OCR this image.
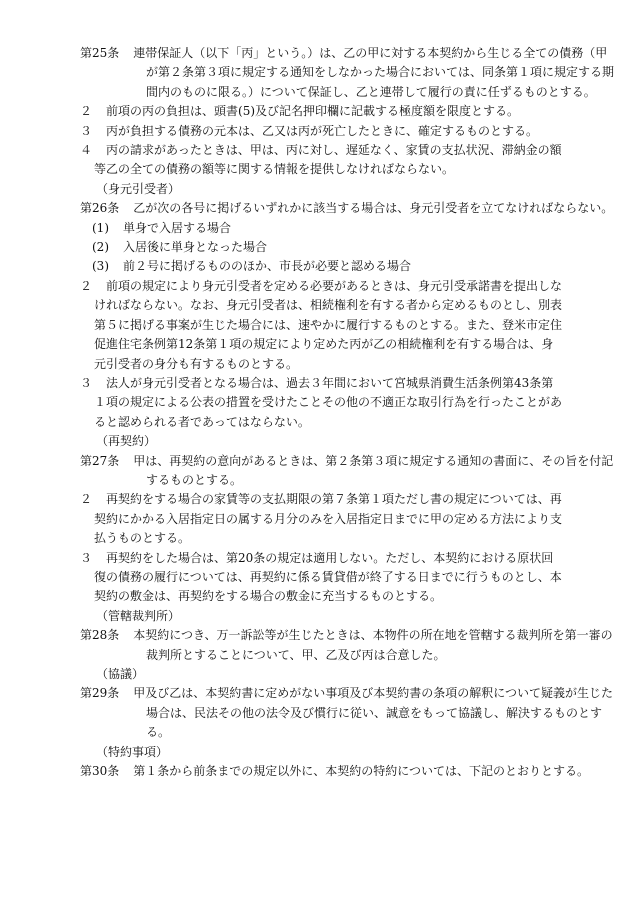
第25条 連帯保証人（以下「丙」という。）は、乙の甲に対する本契約から生じる全ての債務（甲が第２条第３項に規定する通知をしなかった場合においては、同条第１項に規定する期間内のものに限る。）について保証し、乙と連帯して履行の責に任ずるものとする。
２ 前項の丙の負担は、頭書(5)及び記名押印欄に記載する極度額を限度とする。
３ 丙が負担する債務の元本は、乙又は丙が死亡したときに、確定するものとする。
４ 丙の請求があったときは、甲は、丙に対し、遅延なく、家賃の支払状況、滞納金の額等乙の全ての債務の額等に関する情報を提供しなければならない。
（身元引受者）
第26条 乙が次の各号に掲げるいずれかに該当する場合は、身元引受者を立てなければならない。
(1) 単身で入居する場合
(2) 入居後に単身となった場合
(3) 前２号に掲げるもののほか、市長が必要と認める場合
２ 前項の規定により身元引受者を定める必要があるときは、身元引受承諾書を提出しなければならない。なお、身元引受者は、相続権利を有する者から定めるものとし、別表第５に掲げる事案が生じた場合には、速やかに履行するものとする。また、登米市定住促進住宅条例第12条第１項の規定により定めた丙が乙の相続権利を有する場合は、身元引受者の身分も有するものとする。
３ 法人が身元引受者となる場合は、過去３年間において宮城県消費生活条例第43条第１項の規定による公表の措置を受けたことその他の不適正な取引行為を行ったことがあると認められる者であってはならない。
（再契約）
第27条 甲は、再契約の意向があるときは、第２条第３項に規定する通知の書面に、その旨を付記するものとする。
２ 再契約をする場合の家賃等の支払期限の第７条第１項ただし書の規定については、再契約にかかる入居指定日の属する月分のみを入居指定日までに甲の定める方法により支払うものとする。
３ 再契約をした場合は、第20条の規定は適用しない。ただし、本契約における原状回復の債務の履行については、再契約に係る賃貸借が終了する日までに行うものとし、本契約の敷金は、再契約をする場合の敷金に充当するものとする。
（管轄裁判所）
第28条 本契約につき、万一訴訟等が生じたときは、本物件の所在地を管轄する裁判所を第一審の裁判所とすることについて、甲、乙及び丙は合意した。
（協議）
第29条 甲及び乙は、本契約書に定めがない事項及び本契約書の条項の解釈について疑義が生じた場合は、民法その他の法令及び慣行に従い、誠意をもって協議し、解決するものとする。
（特約事項）
第30条 第１条から前条までの規定以外に、本契約の特約については、下記のとおりとする。
